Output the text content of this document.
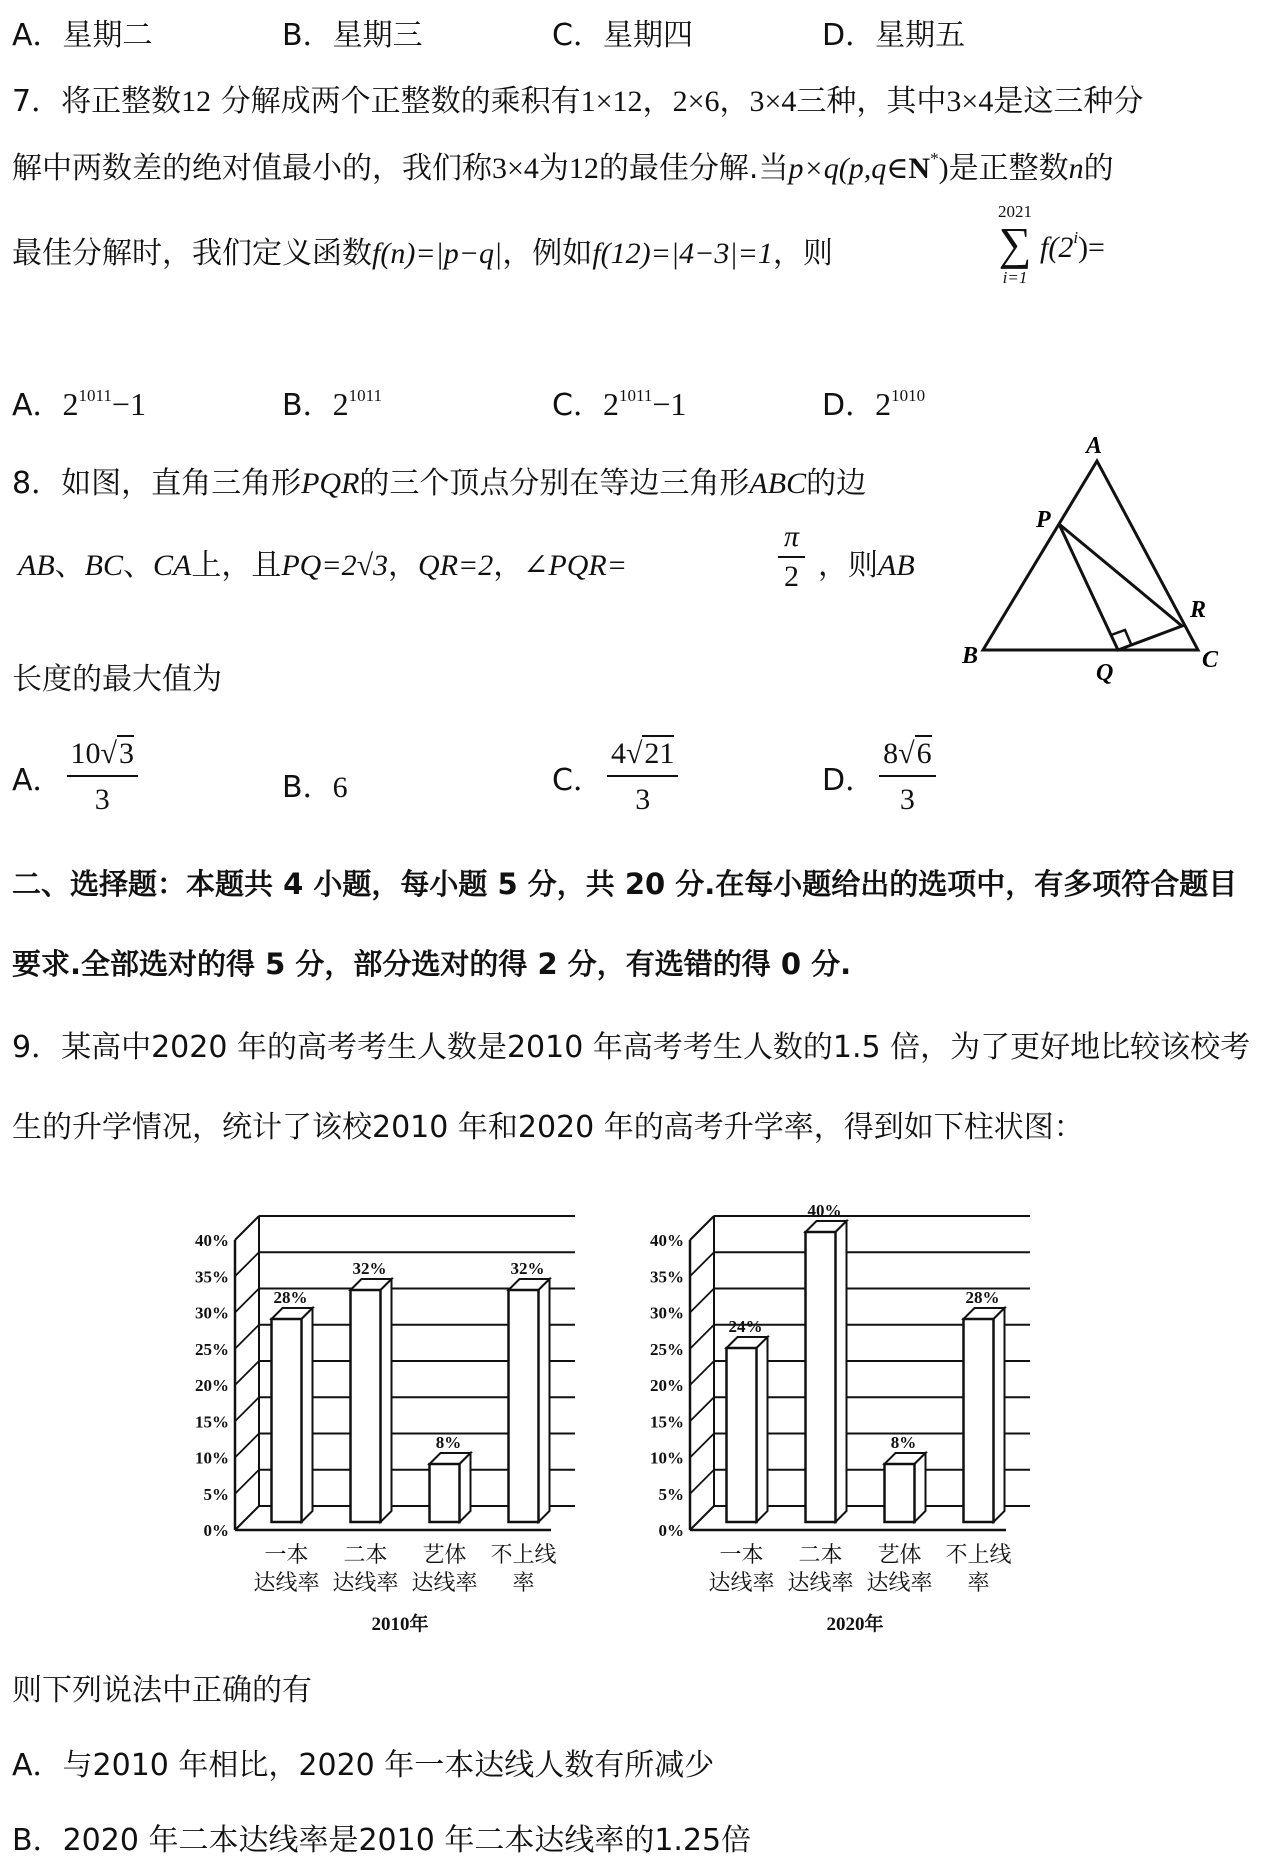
A．星期二	B．星期三	C．星期四	D．星期五
7．将正整数12 分解成两个正整数的乘积有1×12，2×6，3×4三种，其中3×4是这三种分
解中两数差的绝对值最小的，我们称3×4为12的最佳分解.当p×q(p,q∈N*)是正整数n的
最佳分解时，我们定义函数f(n)=|p−q|，例如f(12)=|4−3|=1，则
2021
∑
i=1
$f(2^i)=$
A．$2^{1011}-1$	B．$2^{1011}$	C．$2^{1011}-1$	D．$2^{1010}$
8．如图，直角三角形PQR的三个顶点分别在等边三角形ABC的边
AB、BC、CA上，且PQ=2√3，QR=2，∠PQR=	$\frac{\pi}{2}$ ，则AB
长度的最大值为
A
P
R
B
Q	C
A． $\frac{10√3}{3}$	B．6	C． $\frac{4√21}{3}$	D． $\frac{8√6}{3}$
二、选择题：本题共 4 小题，每小题 5 分，共 20 分.在每小题给出的选项中，有多项符合题目
要求.全部选对的得 5 分，部分选对的得 2 分，有选错的得 0 分.
9．某高中2020 年的高考考生人数是2010 年高考考生人数的1.5 倍，为了更好地比较该校考
生的升学情况，统计了该校2010 年和2020 年的高考升学率，得到如下柱状图：
0%
5%
10%
15%
20%
25%
30%
35%
40%
28%
一本
达线率
32%
二本
达线率
8%
艺体
达线率
32%
不上线
率
2010年
0%
5%
10%
15%
20%
25%
30%
35%
40%
24%
一本
达线率
40%
二本
达线率
8%
艺体
达线率
28%
不上线
率
2020年
则下列说法中正确的有
A．与2010 年相比，2020 年一本达线人数有所减少
B．2020 年二本达线率是2010 年二本达线率的1.25倍
